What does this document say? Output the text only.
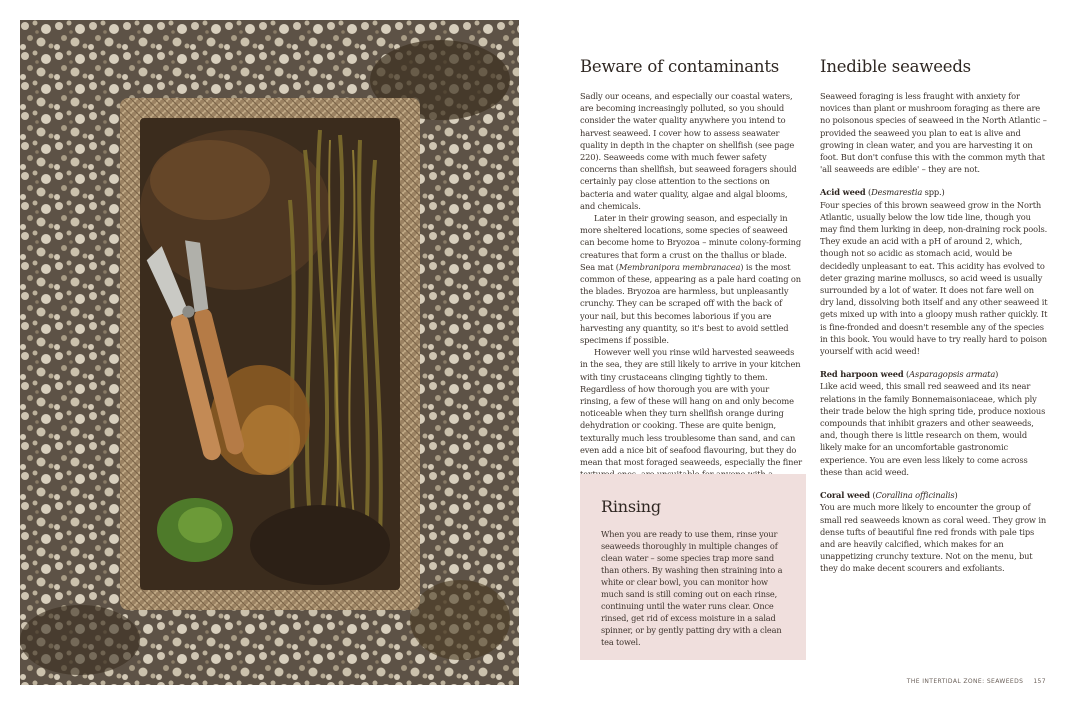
Beware of contaminants

Sadly our oceans, and especially our coastal waters, are becoming increasingly polluted, so you should consider the water quality anywhere you intend to harvest seaweed. I cover how to assess seawater quality in depth in the chapter on shellfish (see page 220). Seaweeds come with much fewer safety concerns than shellfish, but seaweed foragers should certainly pay close attention to the sections on bacteria and water quality, algae and algal blooms, and chemicals.

Later in their growing season, and especially in more sheltered locations, some species of seaweed can become home to Bryozoa – minute colony-forming creatures that form a crust on the thallus or blade. Sea mat (Membranipora membranacea) is the most common of these, appearing as a pale hard coating on the blades. Bryozoa are harmless, but unpleasantly crunchy. They can be scraped off with the back of your nail, but this becomes laborious if you are harvesting any quantity, so it's best to avoid settled specimens if possible.

However well you rinse wild harvested seaweeds in the sea, they are still likely to arrive in your kitchen with tiny crustaceans clinging tightly to them. Regardless of how thorough you are with your rinsing, a few of these will hang on and only become noticeable when they turn shellfish orange during dehydration or cooking. These are quite benign, texturally much less troublesome than sand, and can even add a nice bit of seafood flavouring, but they do mean that most foraged seaweeds, especially the finer

Rinsing

When you are ready to use them, rinse your seaweeds thoroughly in multiple changes of clean water – some species trap more sand than others. By washing then straining into a white or clear bowl, you can monitor how much sand is still coming out on each rinse, continuing until the water runs clear. Once rinsed, get rid of excess moisture in a salad spinner, or by gently patting dry with a clean tea towel.

Inedible seaweeds

Seaweed foraging is less fraught with anxiety for novices than plant or mushroom foraging as there are no poisonous species of seaweed in the North Atlantic – provided the seaweed you plan to eat is alive and growing in clean water, and you are harvesting it on foot. But don't confuse this with the common myth that 'all seaweeds are edible' – they are not.

Acid weed (Desmarestia spp.)

Four species of this brown seaweed grow in the North Atlantic, usually below the low tide line, though you may find them lurking in deep, non-draining rock pools. They exude an acid with a pH of around 2, which, though not so acidic as stomach acid, would be decidedly unpleasant to eat. This acidity has evolved to deter grazing marine molluscs, so acid weed is usually surrounded by a lot of water. It does not fare well on dry land, dissolving both itself and any other seaweed it gets mixed up with into a gloopy mush rather quickly. It is fine-fronded and doesn't resemble any of the species in this book. You would have to try really hard to poison yourself with acid weed!

Red harpoon weed (Asparagopsis armata)

Like acid weed, this small red seaweed and its near relations in the family Bonnemaisoniaceae, which ply their trade below the high spring tide, produce noxious compounds that inhibit grazers and other seaweeds, and, though there is little research on them, would likely make for an uncomfortable gastronomic experience. You are even less likely to come across these than acid weed.

Coral weed (Corallina officinalis)

You are much more likely to encounter the group of small red seaweeds known as coral weed. They grow in dense tufts of beautiful fine red fronds with pale tips and are heavily calcified, which makes for an unappetizing crunchy texture. Not on the menu, but they do make decent scourers and exfoliants.

THE INTERTIDAL ZONE: SEAWEEDS 157
